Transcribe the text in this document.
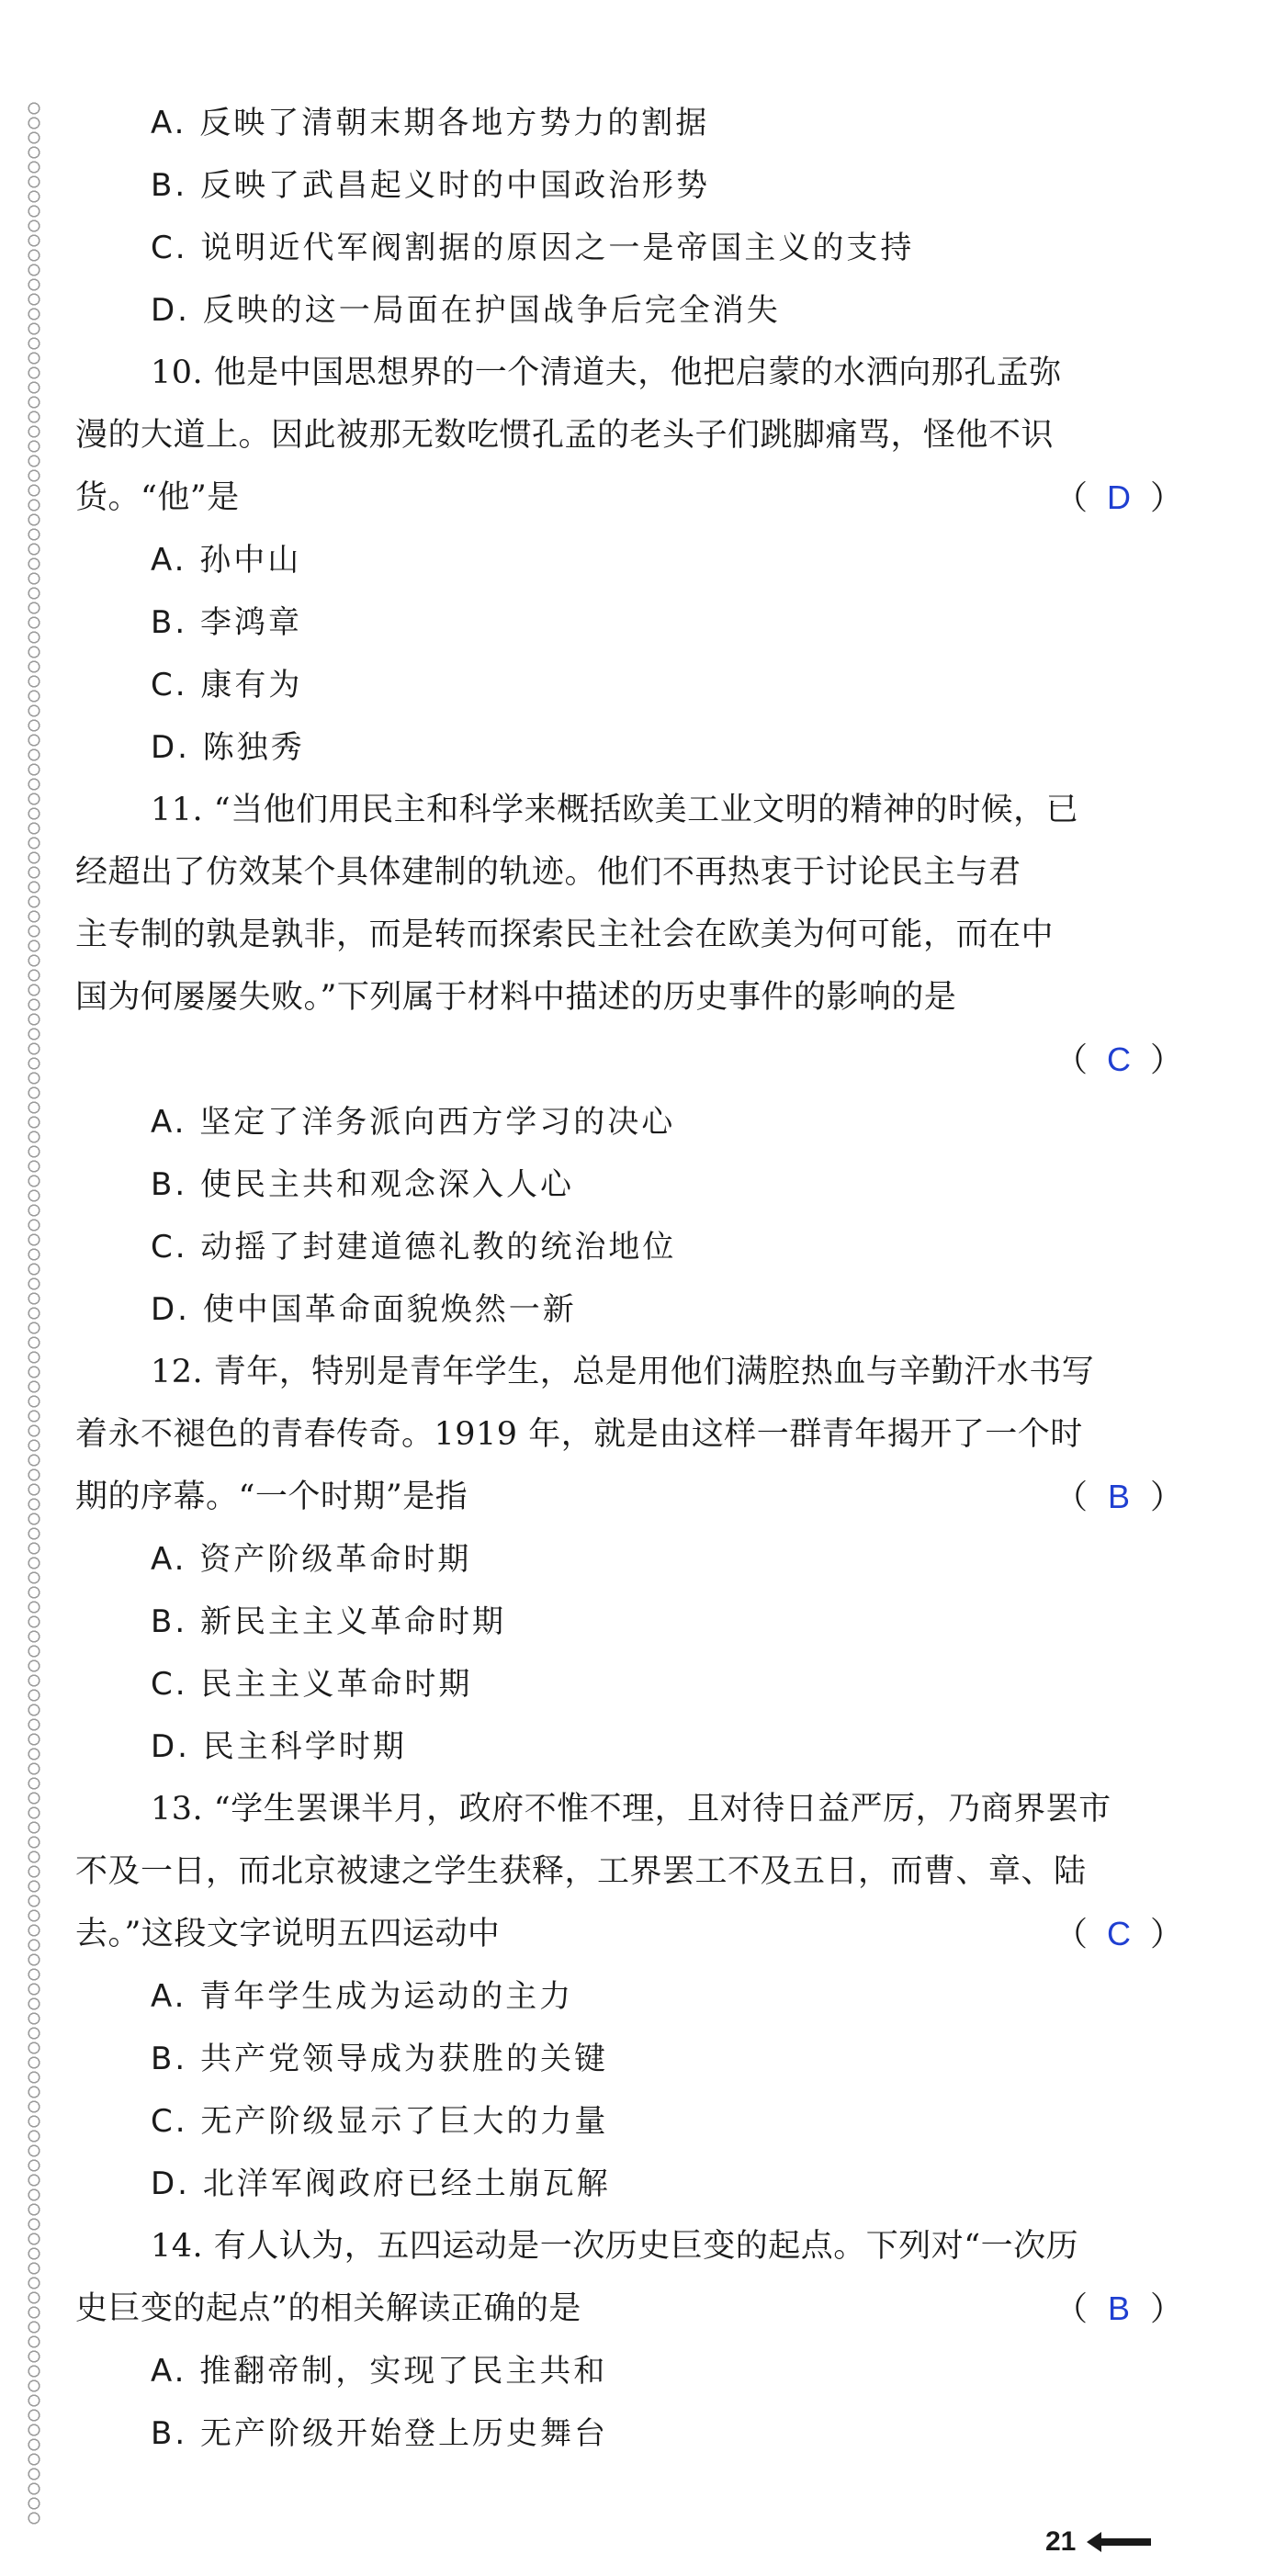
A. 反映了清朝末期各地方势力的割据
B. 反映了武昌起义时的中国政治形势
C. 说明近代军阀割据的原因之一是帝国主义的支持
D. 反映的这一局面在护国战争后完全消失
10. 他是中国思想界的一个清道夫，他把启蒙的水洒向那孔孟弥
漫的大道上。因此被那无数吃惯孔孟的老头子们跳脚痛骂，怪他不识
货。“他”是	（ D ）
A. 孙中山
B. 李鸿章
C. 康有为
D. 陈独秀
11. “当他们用民主和科学来概括欧美工业文明的精神的时候，已
经超出了仿效某个具体建制的轨迹。他们不再热衷于讨论民主与君
主专制的孰是孰非，而是转而探索民主社会在欧美为何可能，而在中
国为何屡屡失败。”下列属于材料中描述的历史事件的影响的是
（ C ）
A. 坚定了洋务派向西方学习的决心
B. 使民主共和观念深入人心
C. 动摇了封建道德礼教的统治地位
D. 使中国革命面貌焕然一新
12. 青年，特别是青年学生，总是用他们满腔热血与辛勤汗水书写
着永不褪色的青春传奇。1919 年，就是由这样一群青年揭开了一个时
期的序幕。“一个时期”是指	（ B ）
A. 资产阶级革命时期
B. 新民主主义革命时期
C. 民主主义革命时期
D. 民主科学时期
13. “学生罢课半月，政府不惟不理，且对待日益严厉，乃商界罢市
不及一日，而北京被逮之学生获释，工界罢工不及五日，而曹、章、陆
去。”这段文字说明五四运动中	（ C ）
A. 青年学生成为运动的主力
B. 共产党领导成为获胜的关键
C. 无产阶级显示了巨大的力量
D. 北洋军阀政府已经土崩瓦解
14. 有人认为，五四运动是一次历史巨变的起点。下列对“一次历
史巨变的起点”的相关解读正确的是	（ B ）
A. 推翻帝制，实现了民主共和
B. 无产阶级开始登上历史舞台
21
